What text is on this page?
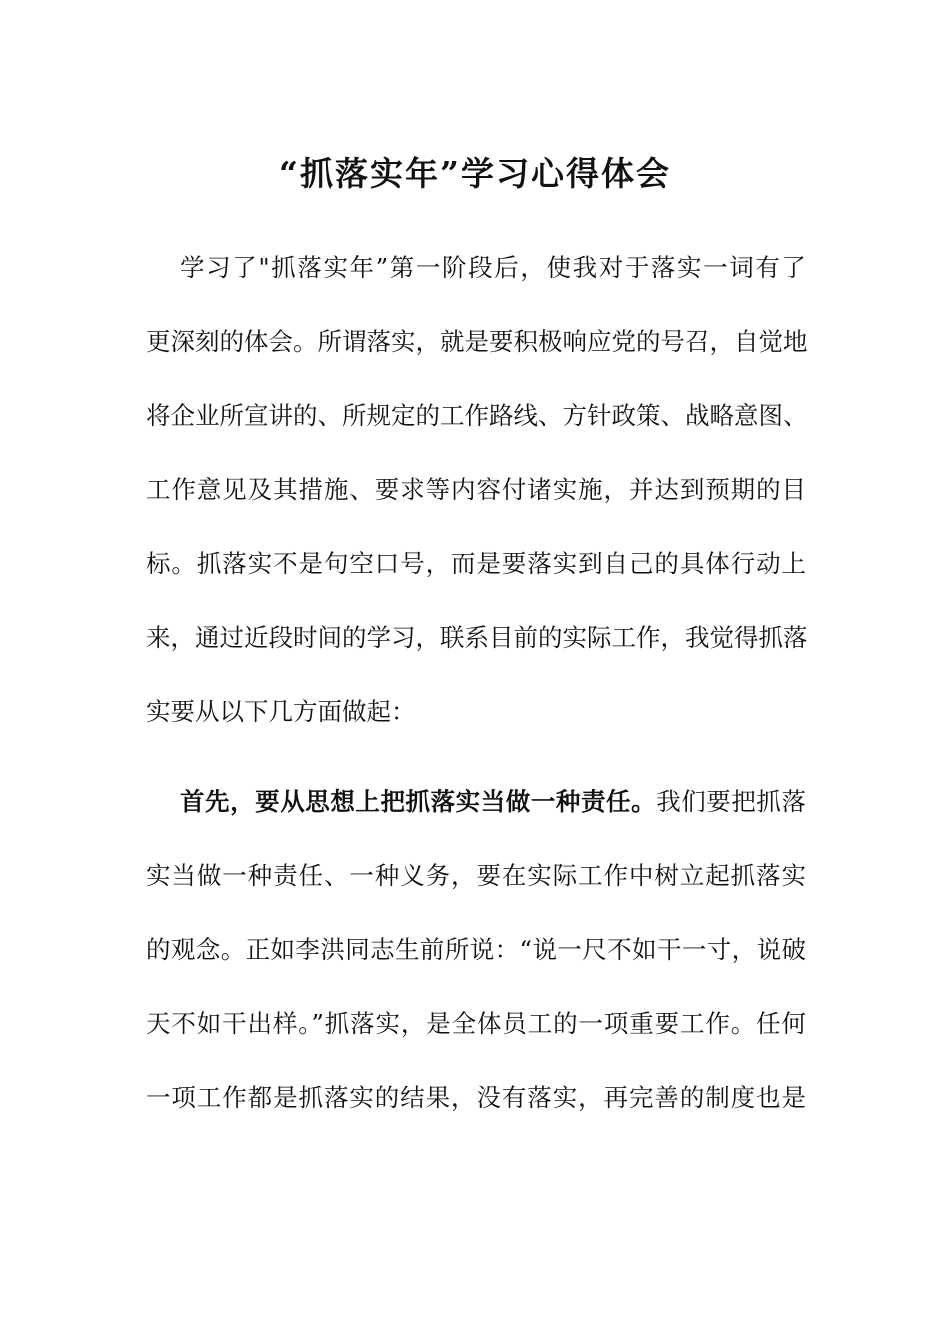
“抓落实年”学习心得体会
学习了"抓落实年”第一阶段后，使我对于落实一词有了
更深刻的体会。所谓落实，就是要积极响应党的号召，自觉地
将企业所宣讲的、所规定的工作路线、方针政策、战略意图、
工作意见及其措施、要求等内容付诸实施，并达到预期的目
标。抓落实不是句空口号，而是要落实到自己的具体行动上
来，通过近段时间的学习，联系目前的实际工作，我觉得抓落
实要从以下几方面做起：
首先，要从思想上把抓落实当做一种责任。我们要把抓落
实当做一种责任、一种义务，要在实际工作中树立起抓落实
的观念。正如李洪同志生前所说：“说一尺不如干一寸，说破
天不如干出样。”抓落实，是全体员工的一项重要工作。任何
一项工作都是抓落实的结果，没有落实，再完善的制度也是
